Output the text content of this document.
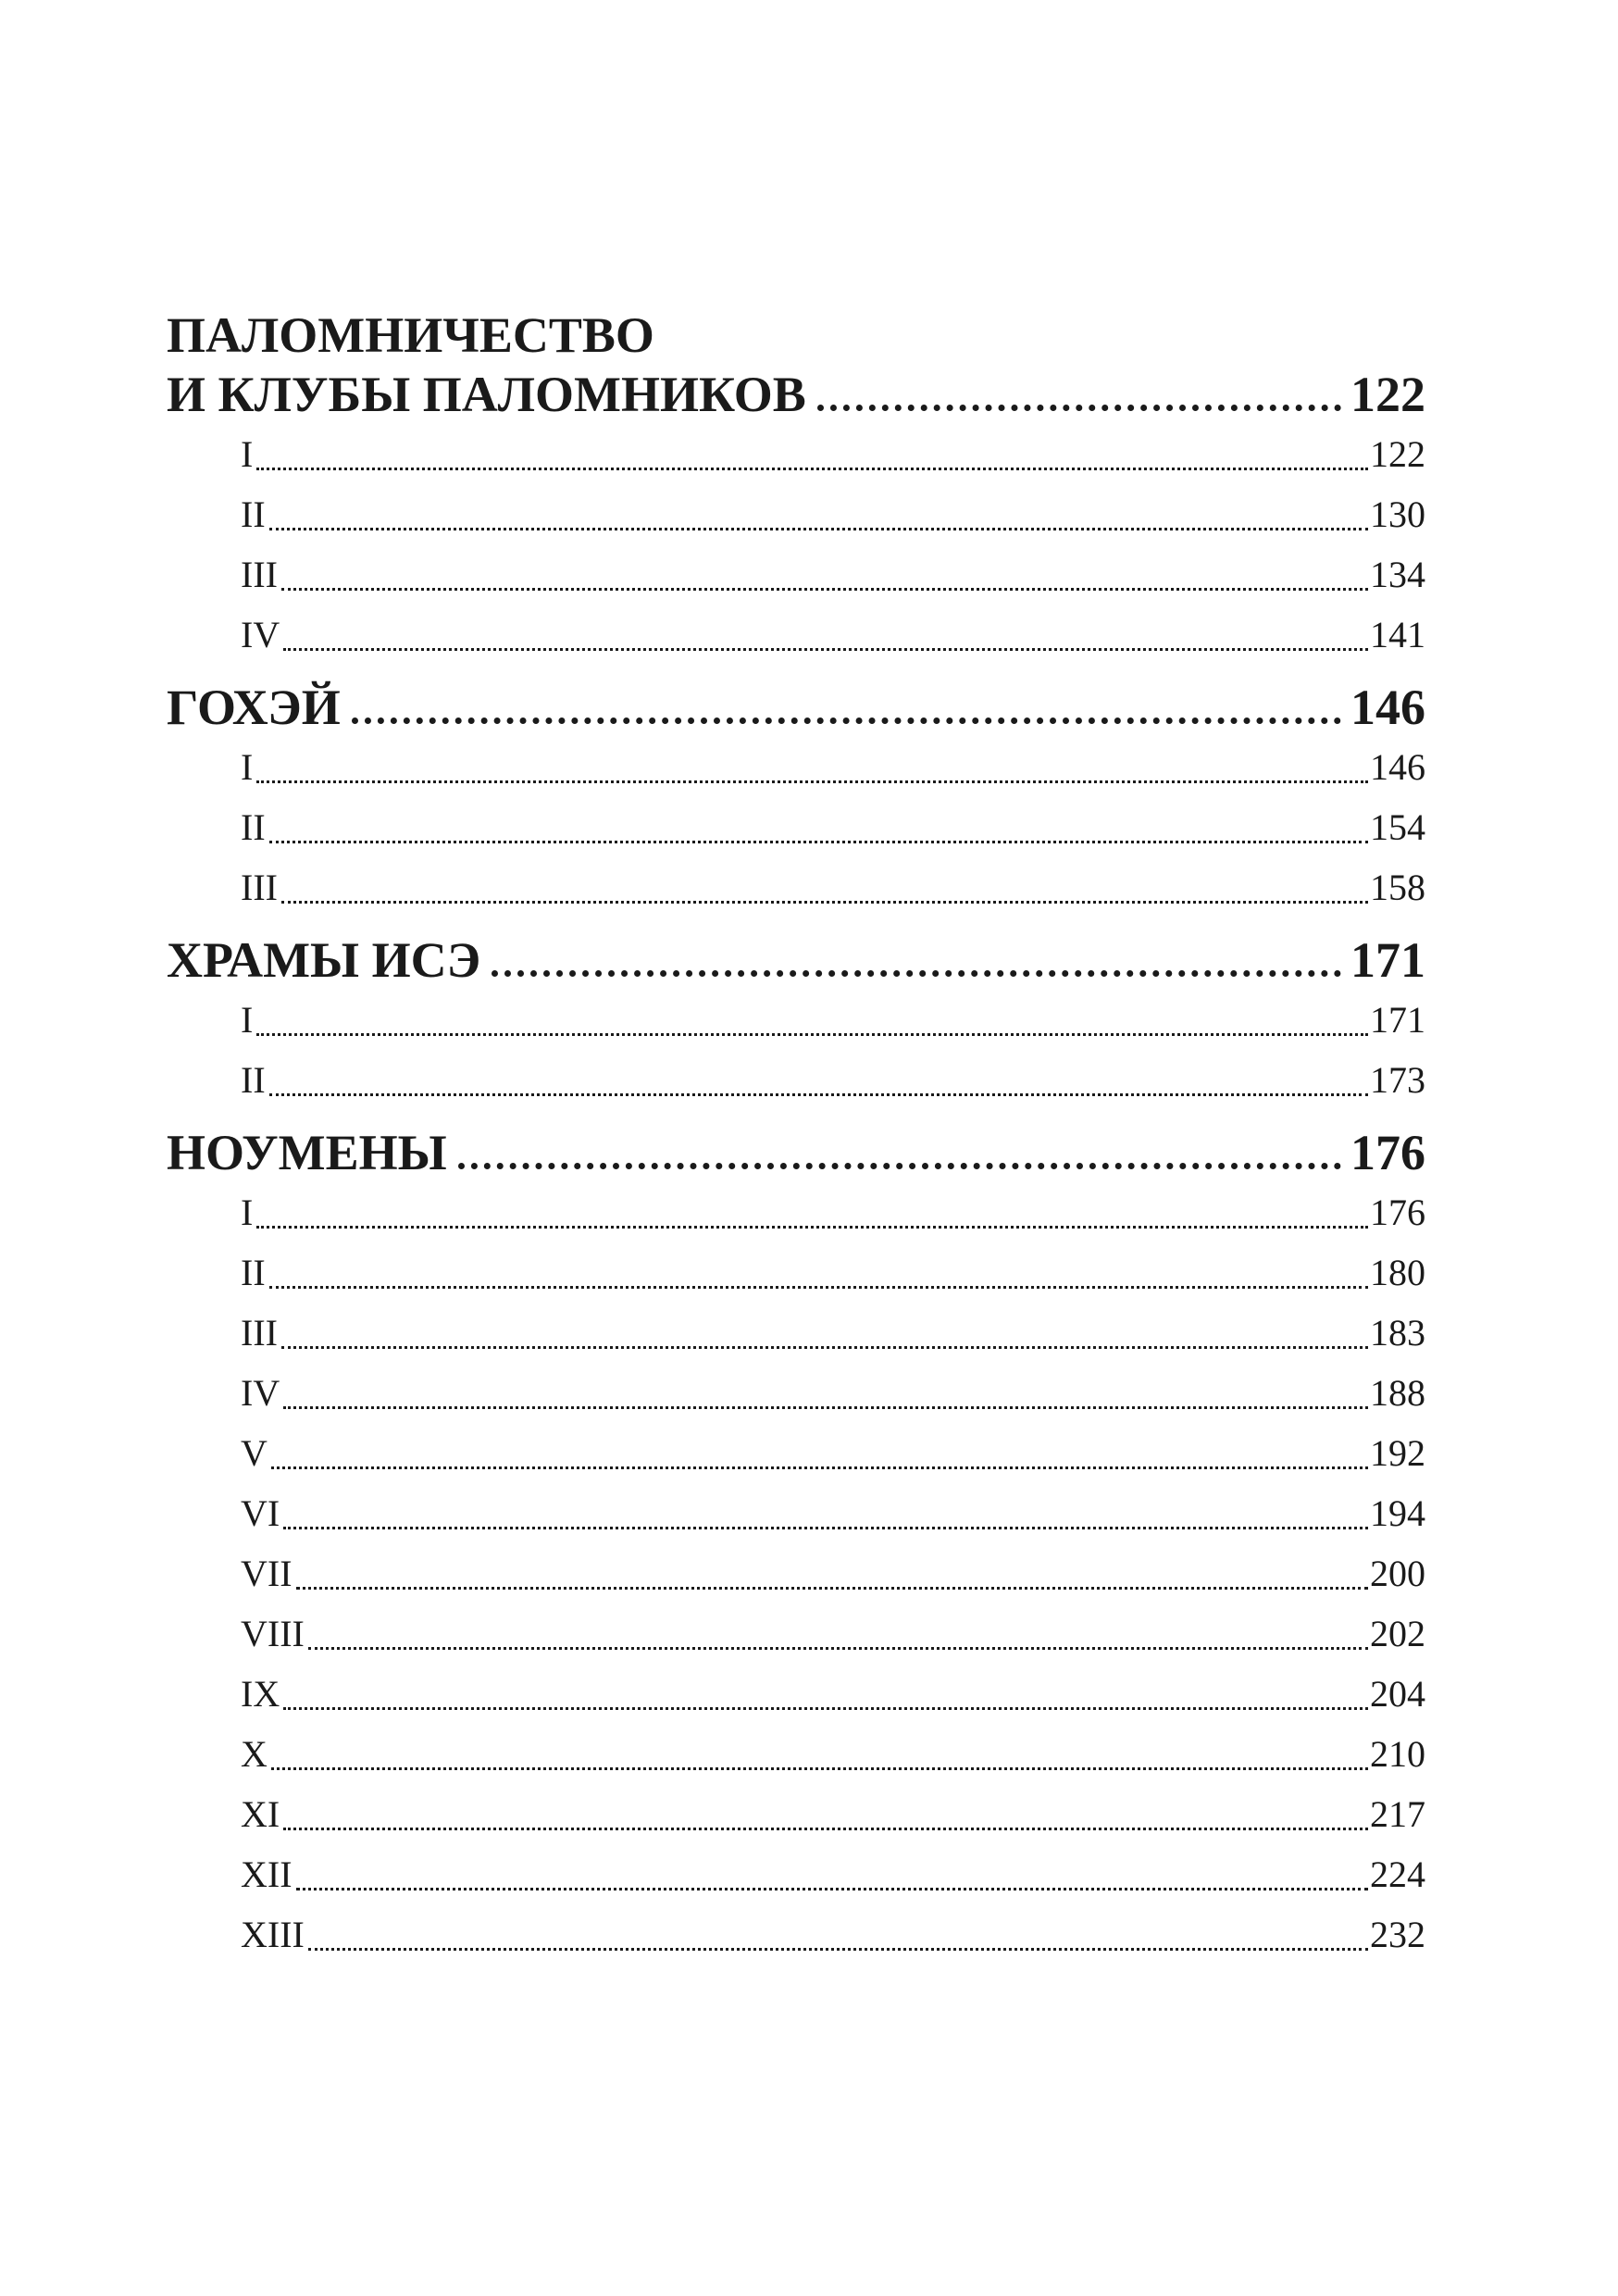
ПАЛОМНИЧЕСТВО
И КЛУБЫ ПАЛОМНИКОВ	122
I	122
II	130
III	134
IV	141
ГОХЭЙ	146
I	146
II	154
III	158
ХРАМЫ ИСЭ	171
I	171
II	173
НОУМЕНЫ	176
I	176
II	180
III	183
IV	188
V	192
VI	194
VII	200
VIII	202
IX	204
X	210
XI	217
XII	224
XIII	232
